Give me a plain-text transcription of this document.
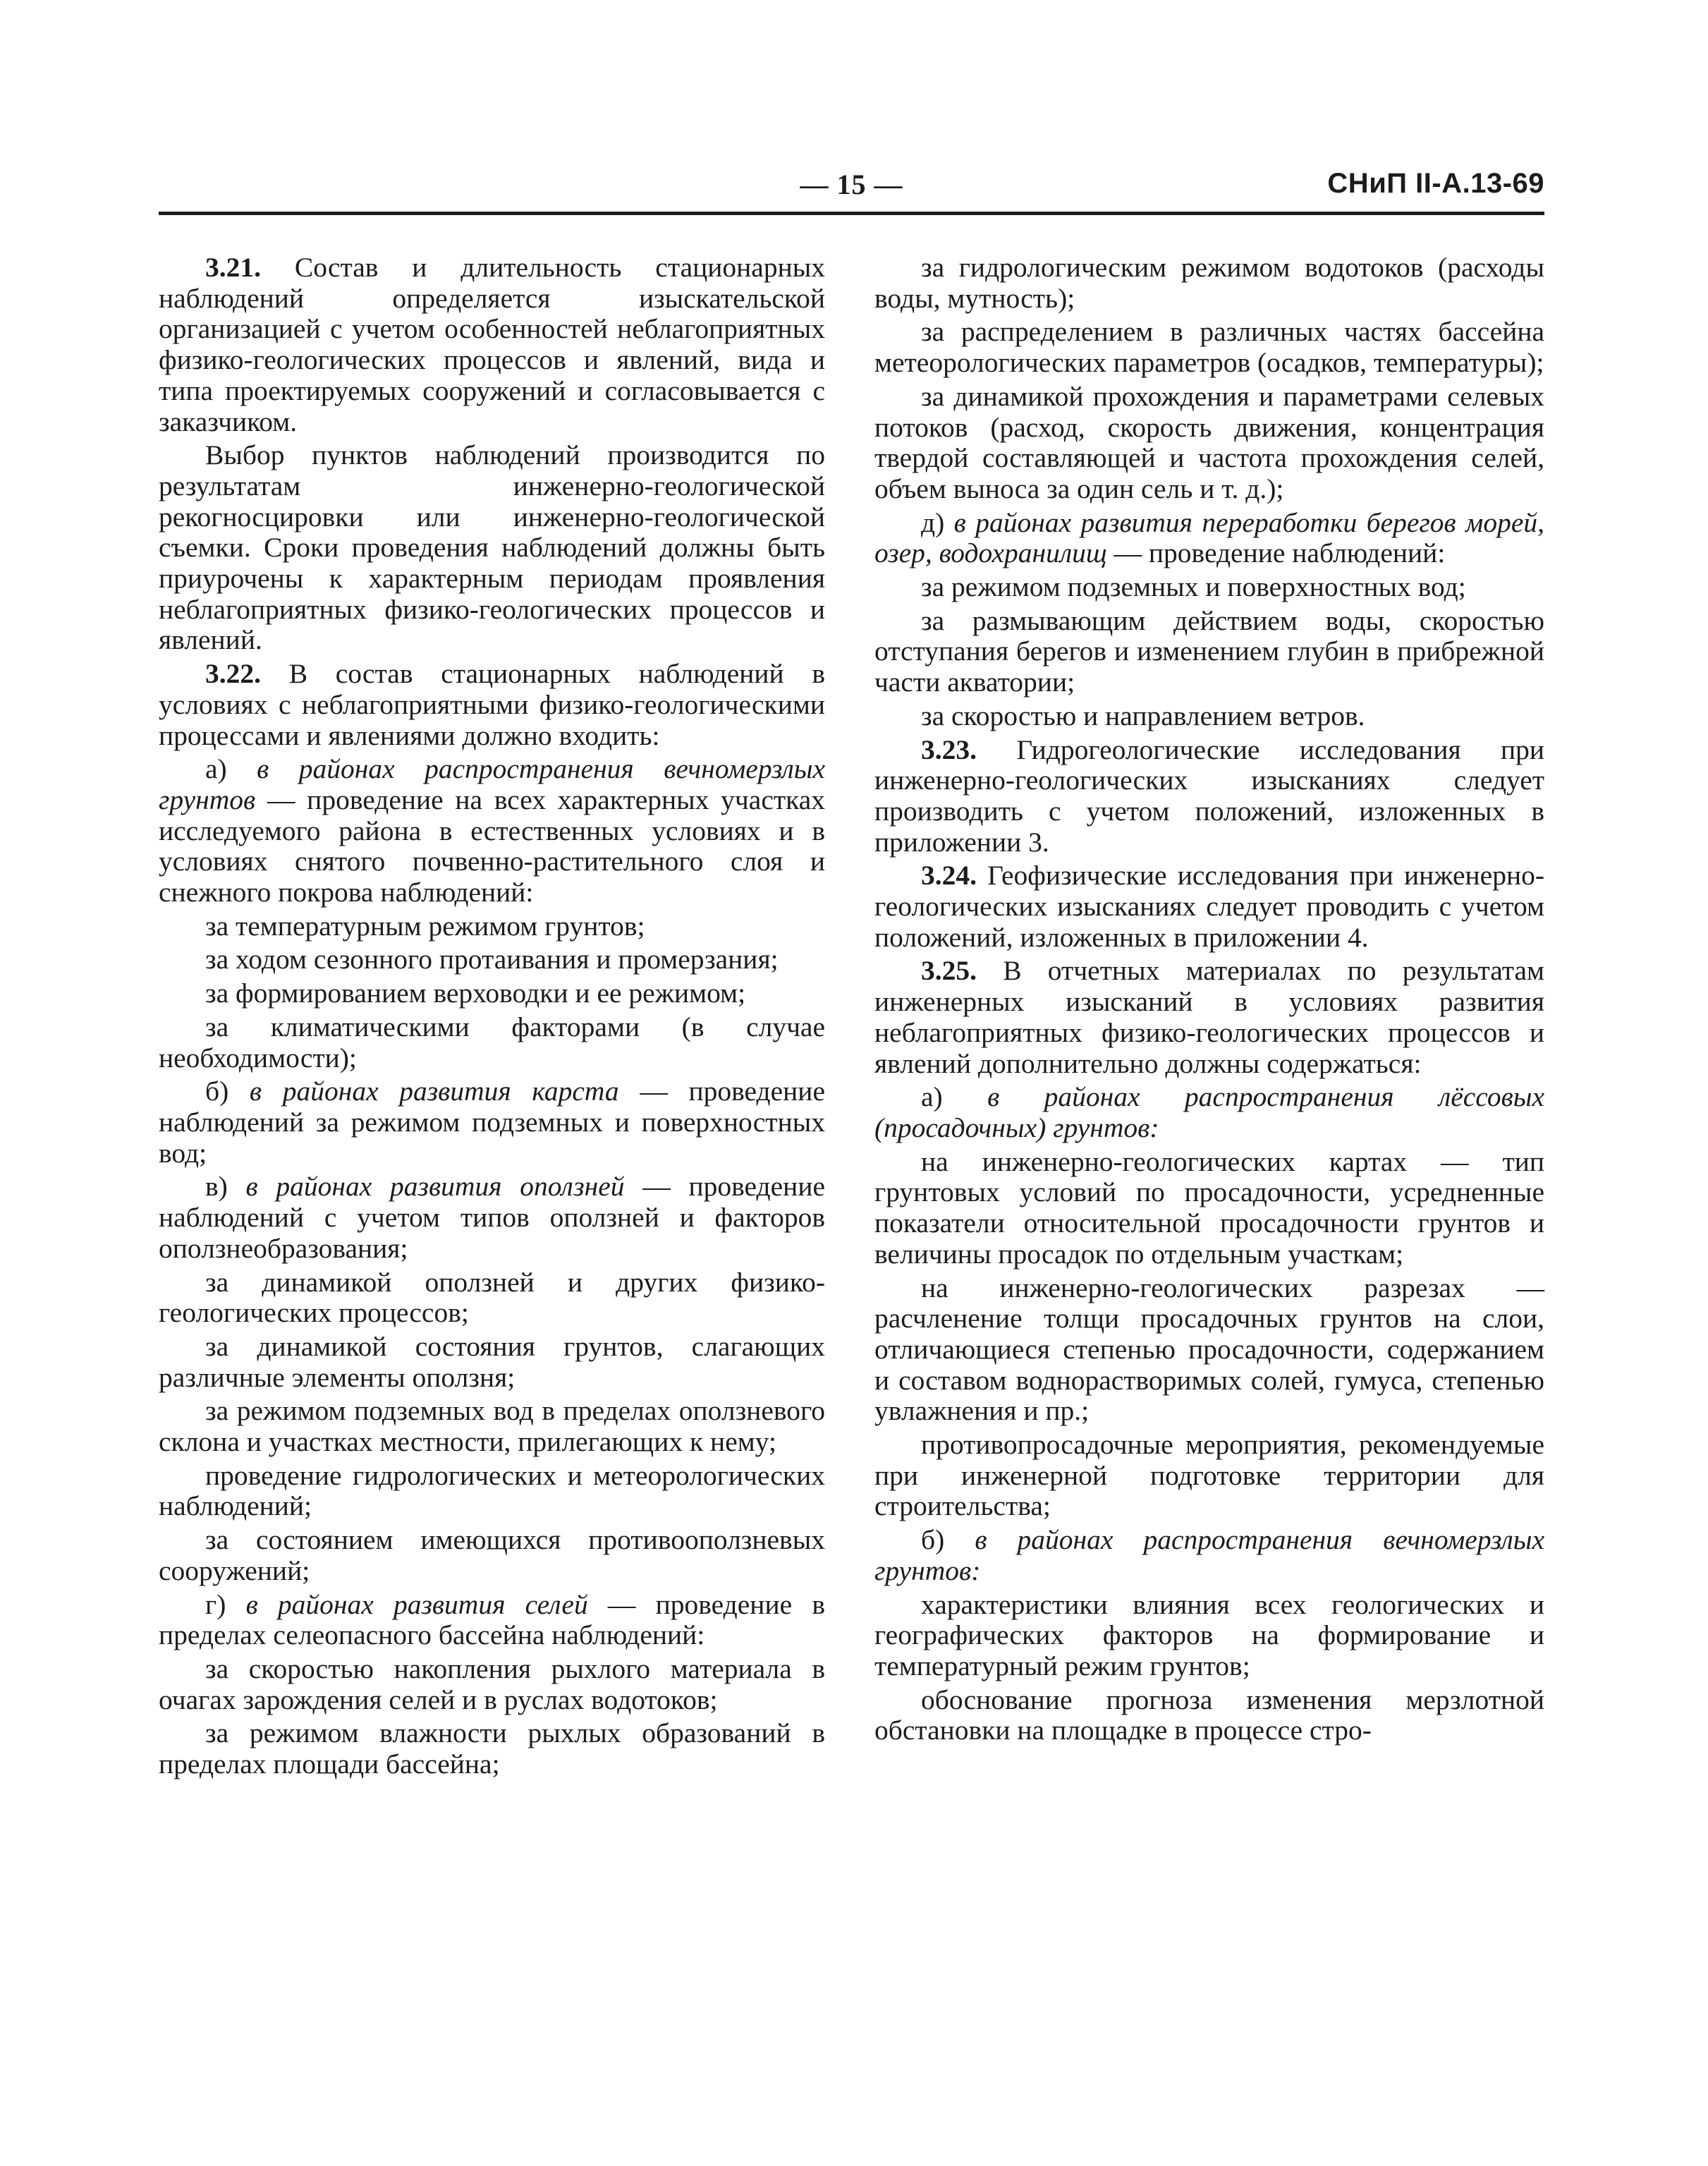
— 15 —	СНиП II-А.13-69

3.21. Состав и длительность стационарных наблюдений определяется изыскательской организацией с учетом особенностей неблагоприятных физико-геологических процессов и явлений, вида и типа проектируемых сооружений и согласовывается с заказчиком.

Выбор пунктов наблюдений производится по результатам инженерно-геологической рекогносцировки или инженерно-геологической съемки. Сроки проведения наблюдений должны быть приурочены к характерным периодам проявления неблагоприятных физико-геологических процессов и явлений.

3.22. В состав стационарных наблюдений в условиях с неблагоприятными физико-геологическими процессами и явлениями должно входить:

а) в районах распространения вечномерзлых грунтов — проведение на всех характерных участках исследуемого района в естественных условиях и в условиях снятого почвенно-растительного слоя и снежного покрова наблюдений:

за температурным режимом грунтов;

за ходом сезонного протаивания и промерзания;

за формированием верховодки и ее режимом;

за климатическими факторами (в случае необходимости);

б) в районах развития карста — проведение наблюдений за режимом подземных и поверхностных вод;

в) в районах развития оползней — проведение наблюдений с учетом типов оползней и факторов оползнеобразования;

за динамикой оползней и других физико-геологических процессов;

за динамикой состояния грунтов, слагающих различные элементы оползня;

за режимом подземных вод в пределах оползневого склона и участках местности, прилегающих к нему;

проведение гидрологических и метеорологических наблюдений;

за состоянием имеющихся противооползневых сооружений;

г) в районах развития селей — проведение в пределах селеопасного бассейна наблюдений:

за скоростью накопления рыхлого материала в очагах зарождения селей и в руслах водотоков;

за режимом влажности рыхлых образований в пределах площади бассейна;

за гидрологическим режимом водотоков (расходы воды, мутность);

за распределением в различных частях бассейна метеорологических параметров (осадков, температуры);

за динамикой прохождения и параметрами селевых потоков (расход, скорость движения, концентрация твердой составляющей и частота прохождения селей, объем выноса за один сель и т. д.);

д) в районах развития переработки берегов морей, озер, водохранилищ — проведение наблюдений:

за режимом подземных и поверхностных вод;

за размывающим действием воды, скоростью отступания берегов и изменением глубин в прибрежной части акватории;

за скоростью и направлением ветров.

3.23. Гидрогеологические исследования при инженерно-геологических изысканиях следует производить с учетом положений, изложенных в приложении 3.

3.24. Геофизические исследования при инженерно-геологических изысканиях следует проводить с учетом положений, изложенных в приложении 4.

3.25. В отчетных материалах по результатам инженерных изысканий в условиях развития неблагоприятных физико-геологических процессов и явлений дополнительно должны содержаться:

а) в районах распространения лёссовых (просадочных) грунтов:

на инженерно-геологических картах — тип грунтовых условий по просадочности, усредненные показатели относительной просадочности грунтов и величины просадок по отдельным участкам;

на инженерно-геологических разрезах — расчленение толщи просадочных грунтов на слои, отличающиеся степенью просадочности, содержанием и составом воднорастворимых солей, гумуса, степенью увлажнения и пр.;

противопросадочные мероприятия, рекомендуемые при инженерной подготовке территории для строительства;

б) в районах распространения вечномерзлых грунтов:

характеристики влияния всех геологических и географических факторов на формирование и температурный режим грунтов;

обоснование прогноза изменения мерзлотной обстановки на площадке в процессе стро-
